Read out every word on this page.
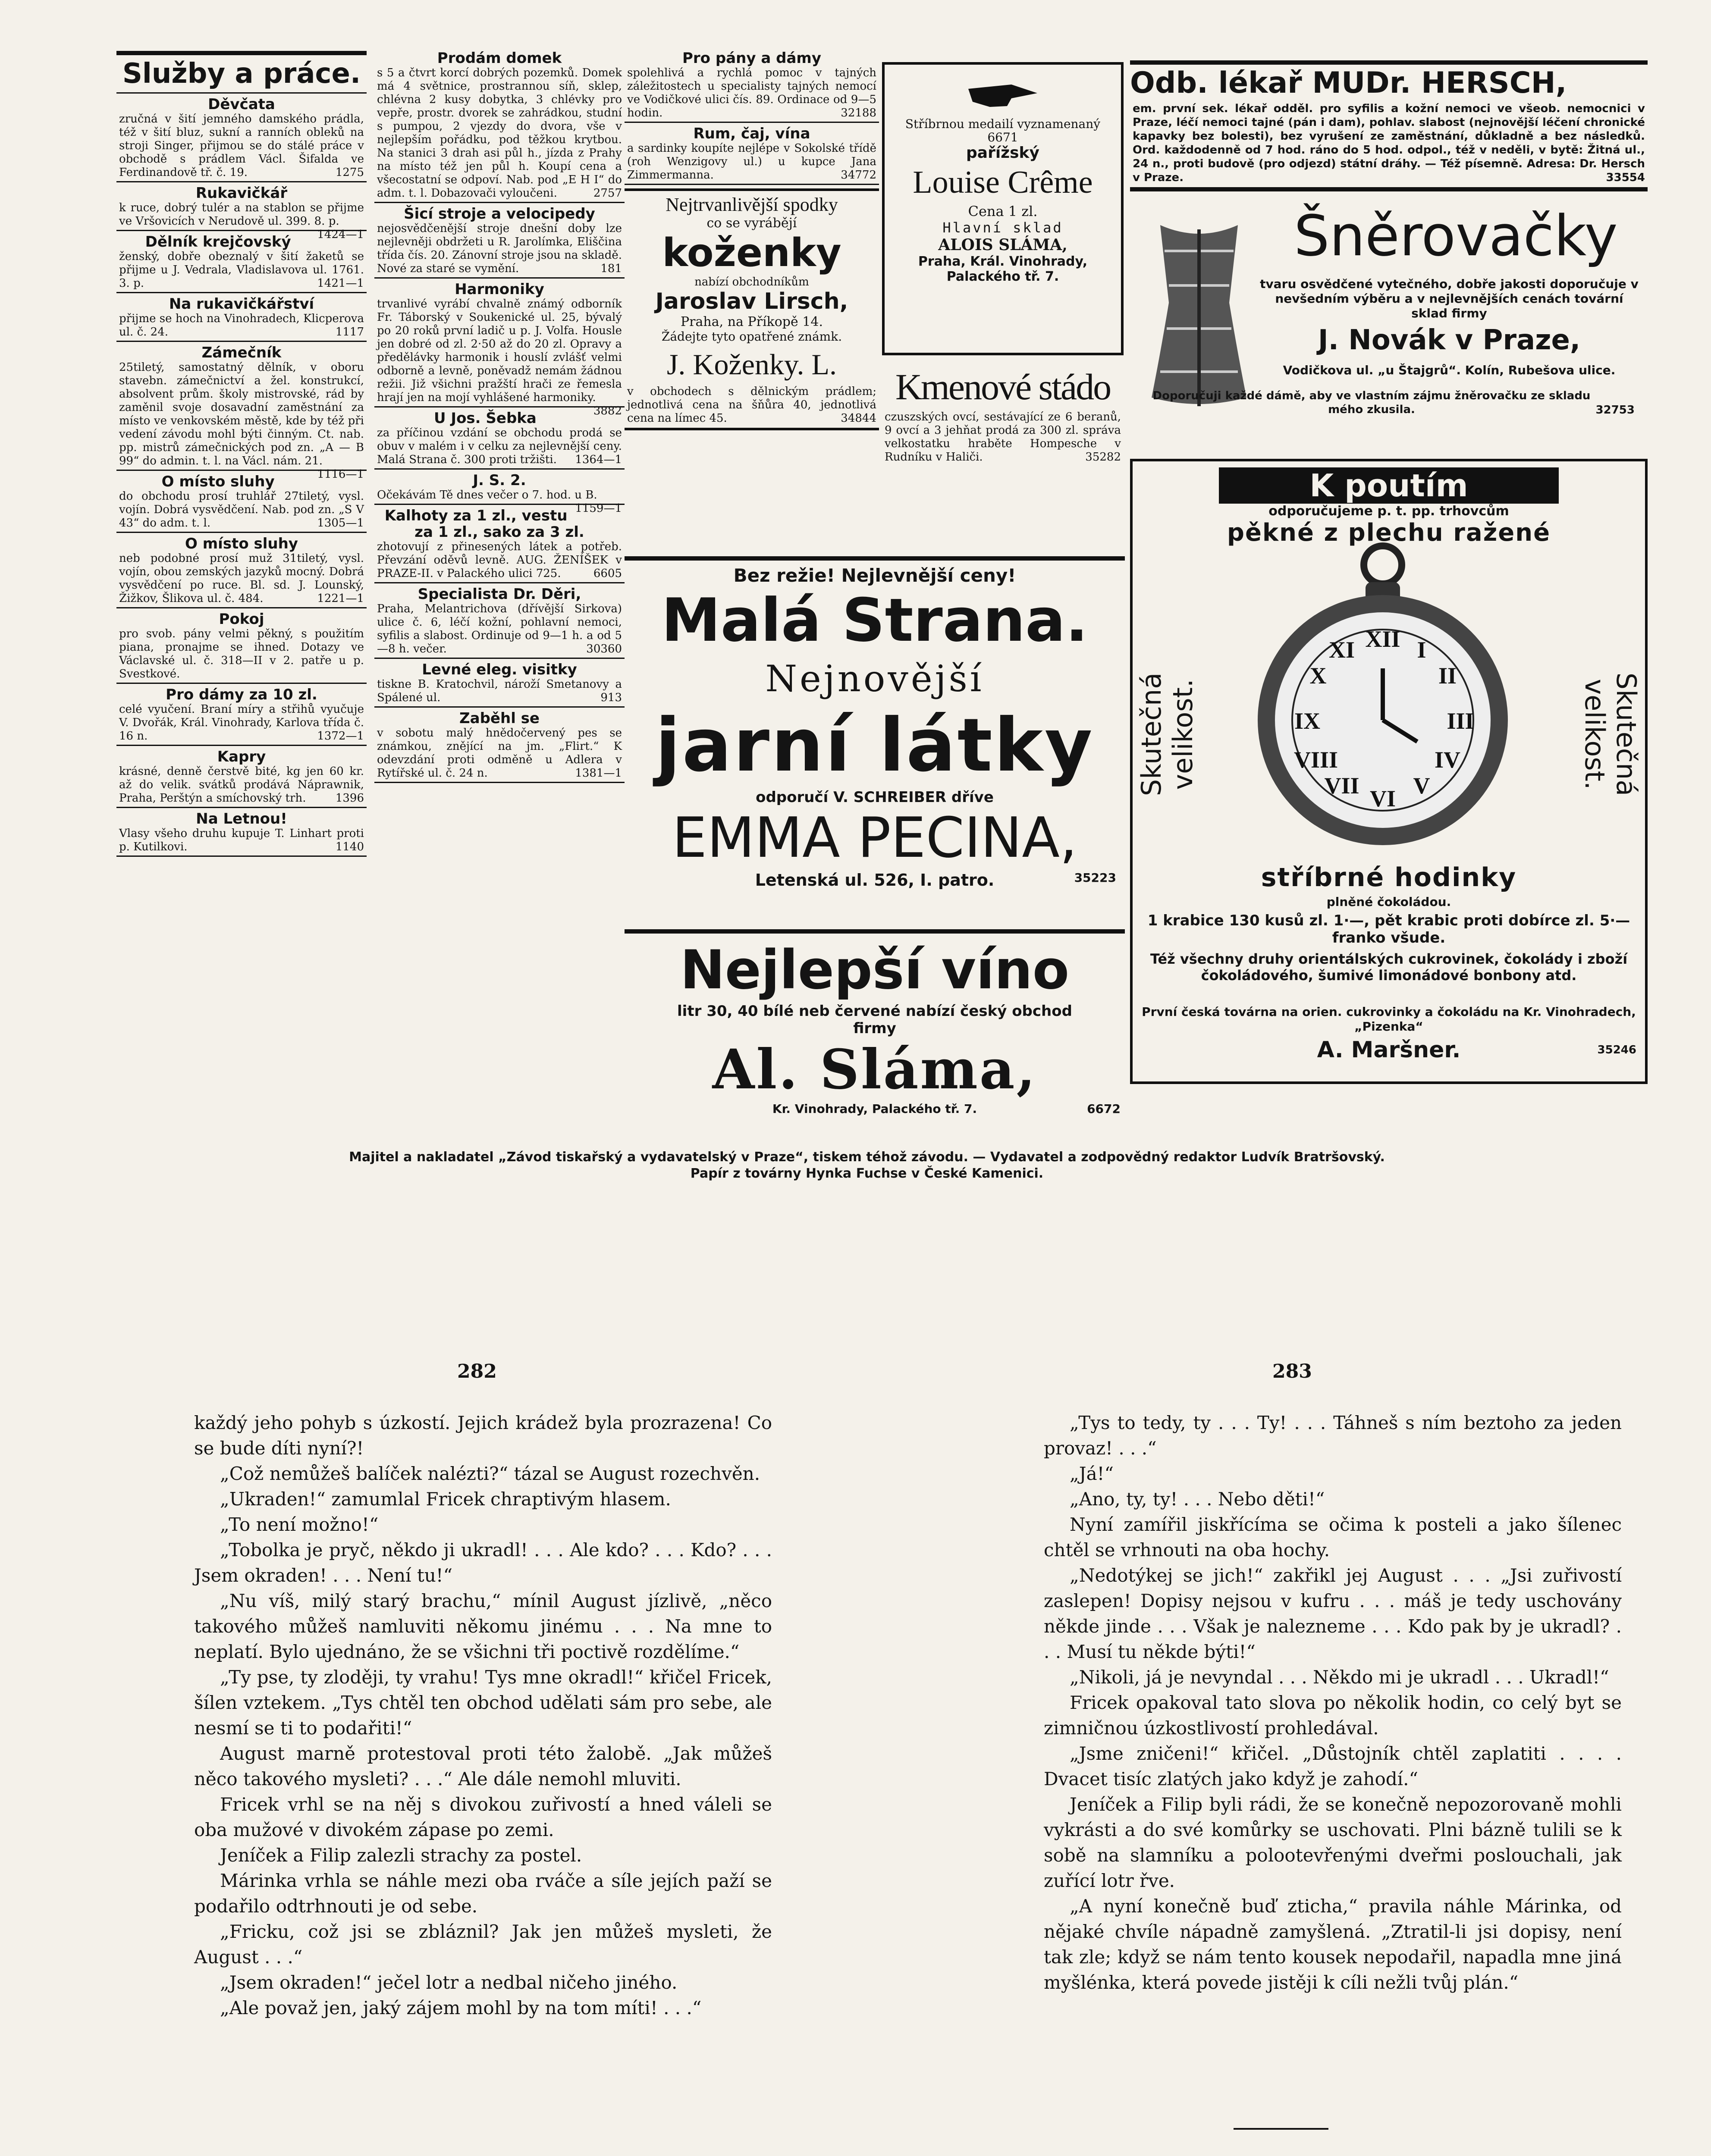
Služby a práce.
Děvčata
zručná v šití jemného damského prádla, též v šití bluz, sukní a ranních obleků na stroji Singer, přijmou se do stálé práce v obchodě s prádlem Václ. Šifalda ve Ferdinandově tř. č. 19.	1275
Rukavičkář
k ruce, dobrý tulér a na stablon se přijme ve Vršovicích v Nerudově ul. 399. 8. p.
1424—1
Dělník krejčovský
ženský, dobře obeznalý v šití žaketů se přijme u J. Vedrala, Vladislavova ul. 1761. 3. p.	1421—1
Na rukavičkářství
přijme se hoch na Vinohradech, Klicperova ul. č. 24.	1117
Zámečník
25tiletý, samostatný dělník, v oboru stavebn. zámečnictví a žel. konstrukcí, absolvent prům. školy mistrovské, rád by zaměnil svoje dosavadní zaměstnání za místo ve venkovském městě, kde by též při vedení závodu mohl býti činným. Ct. nab. pp. mistrů zámečnických pod zn. „A — B 99“ do admin. t. l. na Václ. nám. 21.
1116—1
O místo sluhy
do obchodu prosí truhlář 27tiletý, vysl. vojín. Dobrá vysvědčení. Nab. pod zn. „S V 43“ do adm. t. l.	1305—1
O místo sluhy
neb podobné prosí muž 31tiletý, vysl. vojín, obou zemských jazyků mocný. Dobrá vysvědčení po ruce. Bl. sd. J. Lounský, Žižkov, Šlikova ul. č. 484.	1221—1
Pokoj
pro svob. pány velmi pěkný, s použitím piana, pronajme se ihned. Dotazy ve Václavské ul. č. 318—II v 2. patře u p. Svestkové.
Pro dámy za 10 zl.
celé vyučení. Braní míry a střihů vyučuje V. Dvořák, Král. Vinohrady, Karlova třída č. 16 n.	1372—1
Kapry
krásné, denně čerstvě bité, kg jen 60 kr. až do velik. svátků prodává Náprawnik, Praha, Perštýn a smíchovský trh.	1396
Na Letnou!
Vlasy všeho druhu kupuje T. Linhart proti p. Kutilkovi.	1140
Prodám domek
s 5 a čtvrt korcí dobrých pozemků. Domek má 4 světnice, prostrannou síň, sklep, chlévna 2 kusy dobytka, 3 chlévky pro vepře, prostr. dvorek se zahrádkou, studní s pumpou, 2 vjezdy do dvora, vše v nejlepším pořádku, pod těžkou krytbou. Na stanici 3 drah asi půl h., jízda z Prahy na místo též jen půl h. Koupí cena a všecostatní se odpoví. Nab. pod „E H I“ do adm. t. l. Dobazovači vyloučeni.	2757
Šicí stroje a velocipedy
nejosvědčenější stroje dnešní doby lze nejlevněji obdržeti u R. Jarolímka, Eliščina třída čís. 20. Zánovní stroje jsou na skladě. Nové za staré se vymění.	181
Harmoniky
trvanlivé vyrábí chvalně známý odborník Fr. Táborský v Soukenické ul. 25, bývalý po 20 roků první ladič u p. J. Volfa. Housle jen dobré od zl. 2·50 až do 20 zl. Opravy a předělávky harmonik i houslí zvlášť velmi odborně a levně, poněvadž nemám žádnou režii. Již všichni pražští hrači ze řemesla hrají jen na mojí vyhlášené harmoniky.
3882
U Jos. Šebka
za příčinou vzdání se obchodu prodá se obuv v malém i v celku za nejlevnější ceny. Malá Strana č. 300 proti tržišti. 1364—1
J. S. 2.
Očekávám Tě dnes večer o 7. hod. u B.
1159—1
Kalhoty za 1 zl., vestu za 1 zl., sako za 3 zl.
zhotovují z přinesených látek a potřeb. Převzání oděvů levně. AUG. ŽENÍŠEK v PRAZE-II. v Palackého ulici 725.	6605
Specialista Dr. Děri,
Praha, Melantrichova (dřívější Sirkova) ulice č. 6, léčí kožní, pohlavní nemoci, syfilis a slabost. Ordinuje od 9—1 h. a od 5—8 h. večer.	30360
Levné eleg. visitky
tiskne B. Kratochvil, nároží Smetanovy a Spálené ul.	913
Zaběhl se
v sobotu malý hnědočervený pes se známkou, znějící na jm. „Flirt.“ K odevzdání proti odměně u Adlera v Rytířské ul. č. 24 n.	1381—1
Pro pány a dámy
spolehlivá a rychlá pomoc v tajných záležitostech u specialisty tajných nemocí ve Vodičkové ulici čís. 89. Ordinace od 9—5 hodin.	32188
Rum, čaj, vína
a sardinky koupíte nejlépe v Sokolské třídě (roh Wenzigovy ul.) u kupce Jana Zimmermanna.	34772
Nejtrvanlivější spodky
co se vyrábějí
koženky
nabízí obchodníkům
Jaroslav Lirsch,
Praha, na Příkopě 14.
Žádejte tyto opatřené známk.
J. Koženky. L.
v obchodech s dělnickým prádlem; jednotlivá cena na šňůra 40, jednotlivá cena na límec 45.	34844
Stříbrnou medailí vyznamenaný 6671
pařížský
Louise Crême
Cena 1 zl.
Hlavní sklad
ALOIS SLÁMA,
Praha, Král. Vinohrady, Palackého tř. 7.
Kmenové stádo
czuszských ovcí, sestávající ze 6 beranů, 9 ovcí a 3 jehňat prodá za 300 zl. správa velkostatku hraběte Hompesche v Rudníku v Haliči.	35282
Odb. lékař MUDr. HERSCH,
em. první sek. lékař odděl. pro syfilis a kožní nemoci ve všeob. nemocnici v Praze, léčí nemoci tajné (pán i dam), pohlav. slabost (nejnovější léčení chronické kapavky bez bolesti), bez vyrušení ze zaměstnání, důkladně a bez následků. Ord. každodenně od 7 hod. ráno do 5 hod. odpol., též v neděli, v bytě: Žitná ul., 24 n., proti budově (pro odjezd) státní dráhy. — Též písemně. Adresa: Dr. Hersch v Praze.	33554
Šněrovačky
tvaru osvědčené vytečného, dobře jakosti doporučuje v nevšedním výběru a v nejlevnějších cenách tovární sklad firmy
J. Novák v Praze,
Vodičkova ul. „u Štajgrů“. Kolín, Rubešova ulice.
Doporučuji každé dámě, aby ve vlastním zájmu žněrovačku ze skladu mého zkusila.	32753
K poutím
odporučujeme p. t. pp. trhovcům
pěkné z plechu ražené
Skutečná velikost.	Skutečná velikost.
XII I
II
III
IV
V
VI
VII
VIII
IX
X
XI
stříbrné hodinky
plněné čokoládou.
1 krabice 130 kusů zl. 1·—, pět krabic proti dobírce zl. 5·— franko všude.
Též všechny druhy orientálských cukrovinek, čokolády i zboží čokoládového, šumivé limonádové bonbony atd.
První česká továrna na orien. cukrovinky a čokoládu na Kr. Vinohradech, „Pizenka“
A. Maršner.	35246
Bez režie! Nejlevnější ceny!
Malá Strana.
Nejnovější
jarní látky
odporučí V. SCHREIBER dříve
EMMA PECINA,
Letenská ul. 526, I. patro.	35223
Nejlepší víno
litr 30, 40 bílé neb červené nabízí český obchod firmy
Al. Sláma,
Kr. Vinohrady, Palackého tř. 7.	6672
Majitel a nakladatel „Závod tiskařský a vydavatelský v Praze“, tiskem téhož závodu. — Vydavatel a zodpovědný redaktor Ludvík Bratršovský.
Papír z továrny Hynka Fuchse v České Kamenici.
282	283

každý jeho pohyb s úzkostí. Jejich krádež byla prozrazena! Co se bude díti nyní?!

„Což nemůžeš balíček nalézti?“ tázal se August rozechvěn.

„Ukraden!“ zamumlal Fricek chraptivým hlasem.

„To není možno!“

„Tobolka je pryč, někdo ji ukradl! . . . Ale kdo? . . . Kdo? . . . Jsem okraden! . . . Není tu!“

„Nu víš, milý starý brachu,“ mínil August jízlivě, „něco takového můžeš namluviti někomu jinému . . . Na mne to neplatí. Bylo ujednáno, že se všichni tři poctivě rozdělíme.“

„Ty pse, ty zloději, ty vrahu! Tys mne okradl!“ křičel Fricek, šílen vztekem. „Tys chtěl ten obchod udělati sám pro sebe, ale nesmí se ti to podařiti!“

August marně protestoval proti této žalobě. „Jak můžeš něco takového mysleti? . . .“ Ale dále nemohl mluviti.

Fricek vrhl se na něj s divokou zuřivostí a hned váleli se oba mužové v divokém zápase po zemi.

Jeníček a Filip zalezli strachy za postel.

Márinka vrhla se náhle mezi oba rváče a síle jejích paží se podařilo odtrhnouti je od sebe.

„Fricku, což jsi se zbláznil? Jak jen můžeš mysleti, že August . . .“

„Jsem okraden!“ ječel lotr a nedbal ničeho jiného.

„Ale považ jen, jaký zájem mohl by na tom míti! . . .“

„Tys to tedy, ty . . . Ty! . . . Táhneš s ním beztoho za jeden provaz! . . .“

„Já!“

„Ano, ty, ty! . . . Nebo děti!“

Nyní zamířil jiskřícíma se očima k posteli a jako šílenec chtěl se vrhnouti na oba hochy.

„Nedotýkej se jich!“ zakřikl jej August . . . „Jsi zuřivostí zaslepen! Dopisy nejsou v kufru . . . máš je tedy uschovány někde jinde . . . Však je nalezneme . . . Kdo pak by je ukradl? . . . Musí tu někde býti!“

„Nikoli, já je nevyndal . . . Někdo mi je ukradl . . . Ukradl!“

Fricek opakoval tato slova po několik hodin, co celý byt se zimničnou úzkostlivostí prohledával.

„Jsme zničeni!“ křičel. „Důstojník chtěl zaplatiti . . . . Dvacet tisíc zlatých jako když je zahodí.“

Jeníček a Filip byli rádi, že se konečně nepozorovaně mohli vykrásti a do své komůrky se uschovati. Plni bázně tulili se k sobě na slamníku a polootevřenými dveřmi poslouchali, jak zuřící lotr řve.

„A nyní konečně buď zticha,“ pravila náhle Márinka, od nějaké chvíle nápadně zamyšlená. „Ztratil-li jsi dopisy, není tak zle; když se nám tento kousek nepodařil, napadla mne jiná myšlénka, která povede jistěji k cíli nežli tvůj plán.“
